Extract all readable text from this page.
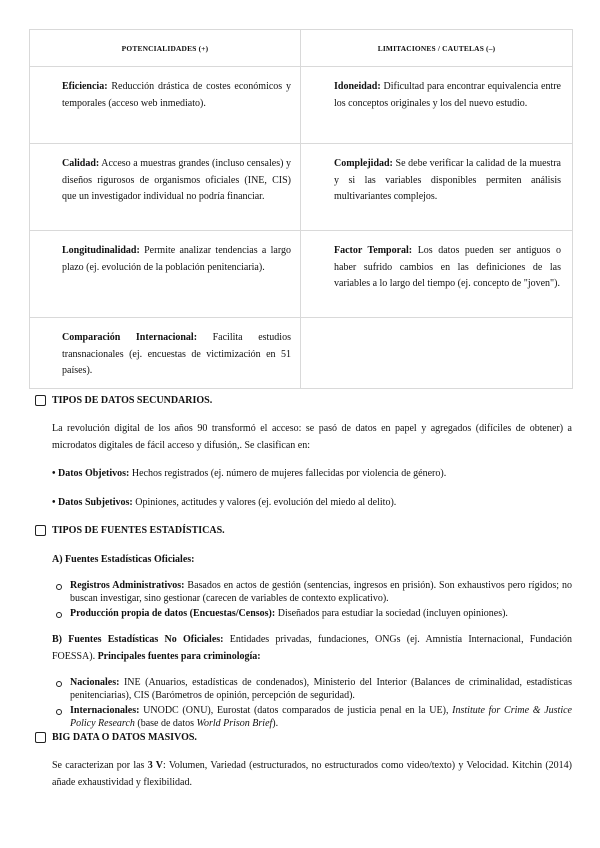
POTENCIALIDADES (+)	LIMITACIONES / CAUTELAS (–)
Eficiencia: Reducción drástica de costes económicos y temporales (acceso web inmediato).	Idoneidad: Dificultad para encontrar equivalencia entre los conceptos originales y los del nuevo estudio.
Calidad: Acceso a muestras grandes (incluso censales) y diseños rigurosos de organismos oficiales (INE, CIS) que un investigador individual no podría financiar.	Complejidad: Se debe verificar la calidad de la muestra y si las variables disponibles permiten análisis multivariantes complejos.
Longitudinalidad: Permite analizar tendencias a largo plazo (ej. evolución de la población penitenciaria).	Factor Temporal: Los datos pueden ser antiguos o haber sufrido cambios en las definiciones de las variables a lo largo del tiempo (ej. concepto de "joven").
Comparación Internacional: Facilita estudios transnacionales (ej. encuestas de victimización en 51 países).	
TIPOS DE DATOS SECUNDARIOS.
La revolución digital de los años 90 transformó el acceso: se pasó de datos en papel y agregados (difíciles de obtener) a microdatos digitales de fácil acceso y difusión,. Se clasifican en:
• Datos Objetivos: Hechos registrados (ej. número de mujeres fallecidas por violencia de género).
• Datos Subjetivos: Opiniones, actitudes y valores (ej. evolución del miedo al delito).
TIPOS DE FUENTES ESTADÍSTICAS.
A) Fuentes Estadísticas Oficiales:
Registros Administrativos: Basados en actos de gestión (sentencias, ingresos en prisión). Son exhaustivos pero rígidos; no buscan investigar, sino gestionar (carecen de variables de contexto explicativo).
Producción propia de datos (Encuestas/Censos): Diseñados para estudiar la sociedad (incluyen opiniones).
B) Fuentes Estadísticas No Oficiales: Entidades privadas, fundaciones, ONGs (ej. Amnistía Internacional, Fundación FOESSA). Principales fuentes para criminología:
Nacionales: INE (Anuarios, estadísticas de condenados), Ministerio del Interior (Balances de criminalidad, estadísticas penitenciarias), CIS (Barómetros de opinión, percepción de seguridad).
Internacionales: UNODC (ONU), Eurostat (datos comparados de justicia penal en la UE), Institute for Crime & Justice Policy Research (base de datos World Prison Brief).
BIG DATA O DATOS MASIVOS.
Se caracterizan por las 3 V: Volumen, Variedad (estructurados, no estructurados como video/texto) y Velocidad. Kitchin (2014) añade exhaustividad y flexibilidad.
